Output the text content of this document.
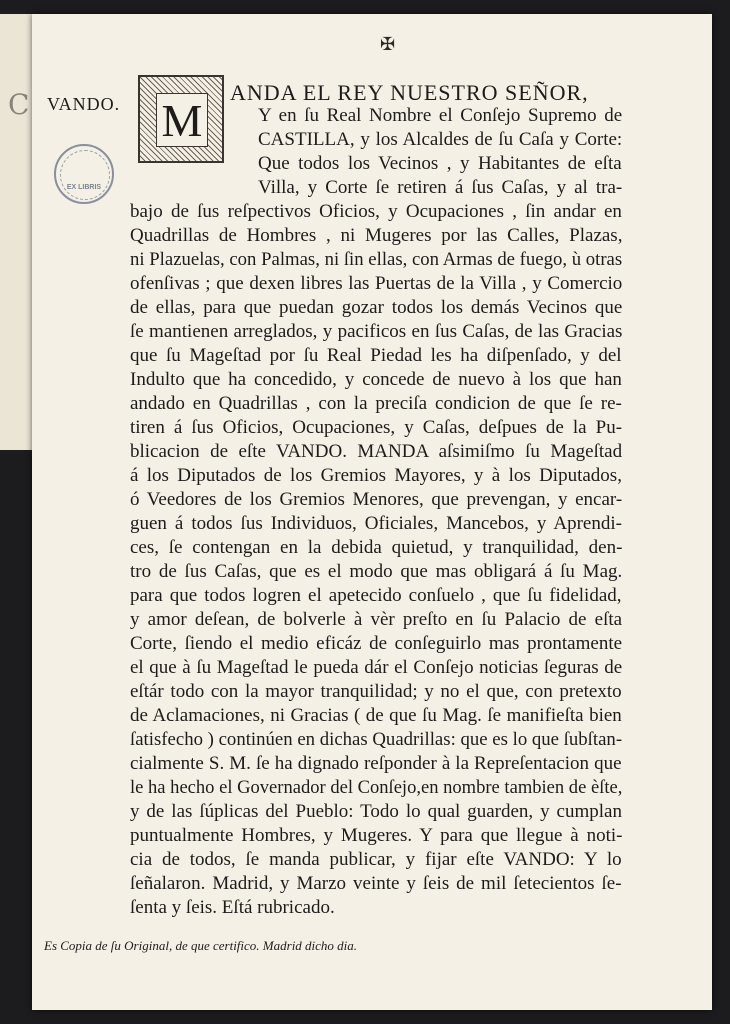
C
✠
VANDO. M
EX LIBRIS
ANDA EL REY NUESTRO SEÑOR,
Y en ſu Real Nombre el Conſejo Supremo de
CASTILLA, y los Alcaldes de ſu Caſa y Corte:
Que todos los Vecinos , y Habitantes de eſta
Villa, y Corte ſe retiren á ſus Caſas, y al tra-
bajo de ſus reſpectivos Oficios, y Ocupaciones , ſin andar en
Quadrillas de Hombres , ni Mugeres por las Calles, Plazas,
ni Plazuelas, con Palmas, ni ſin ellas, con Armas de fuego, ù otras
ofenſivas ; que dexen libres las Puertas de la Villa , y Comercio
de ellas, para que puedan gozar todos los demás Vecinos que
ſe mantienen arreglados, y pacificos en ſus Caſas, de las Gracias
que ſu Mageſtad por ſu Real Piedad les ha diſpenſado, y del
Indulto que ha concedido, y concede de nuevo à los que han
andado en Quadrillas , con la preciſa condicion de que ſe re-
tiren á ſus Oficios, Ocupaciones, y Caſas, deſpues de la Pu-
blicacion de eſte VANDO. MANDA aſsimiſmo ſu Mageſtad
á los Diputados de los Gremios Mayores, y à los Diputados,
ó Veedores de los Gremios Menores, que prevengan, y encar-
guen á todos ſus Individuos, Oficiales, Mancebos, y Aprendi-
ces, ſe contengan en la debida quietud, y tranquilidad, den-
tro de ſus Caſas, que es el modo que mas obligará á ſu Mag.
para que todos logren el apetecido conſuelo , que ſu fidelidad,
y amor deſean, de bolverle à vèr preſto en ſu Palacio de eſta
Corte, ſiendo el medio eficáz de conſeguirlo mas prontamente
el que à ſu Mageſtad le pueda dár el Conſejo noticias ſeguras de
eſtár todo con la mayor tranquilidad; y no el que, con pretexto
de Aclamaciones, ni Gracias ( de que ſu Mag. ſe manifieſta bien
ſatisfecho ) continúen en dichas Quadrillas: que es lo que ſubſtan-
cialmente S. M. ſe ha dignado reſponder à la Repreſentacion que
le ha hecho el Governador del Conſejo,en nombre tambien de èſte,
y de las ſúplicas del Pueblo: Todo lo qual guarden, y cumplan
puntualmente Hombres, y Mugeres. Y para que llegue à noti-
cia de todos, ſe manda publicar, y fijar eſte VANDO: Y lo
ſeñalaron. Madrid, y Marzo veinte y ſeis de mil ſetecientos ſe-
ſenta y ſeis. Eſtá rubricado.
Es Copia de ſu Original, de que certifico. Madrid dicho dia.
